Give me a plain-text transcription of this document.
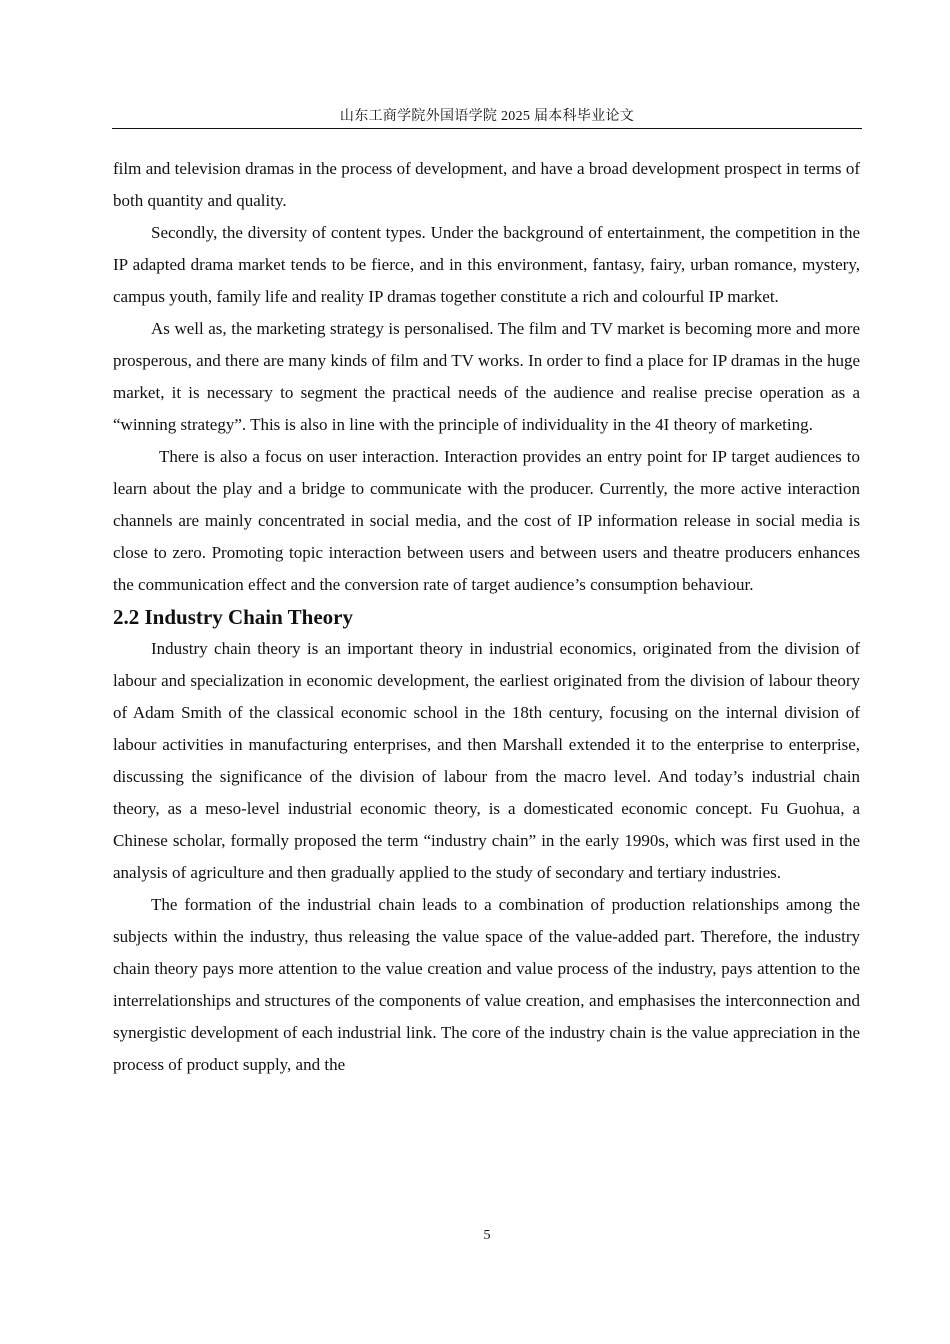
山东工商学院外国语学院 2025 届本科毕业论文

film and television dramas in the process of development, and have a broad development prospect in terms of both quantity and quality.

Secondly, the diversity of content types. Under the background of entertainment, the competition in the IP adapted drama market tends to be fierce, and in this environment, fantasy, fairy, urban romance, mystery, campus youth, family life and reality IP dramas together constitute a rich and colourful IP market.

As well as, the marketing strategy is personalised. The film and TV market is becoming more and more prosperous, and there are many kinds of film and TV works. In order to find a place for IP dramas in the huge market, it is necessary to segment the practical needs of the audience and realise precise operation as a “winning strategy”. This is also in line with the principle of individuality in the 4I theory of marketing.

There is also a focus on user interaction. Interaction provides an entry point for IP target audiences to learn about the play and a bridge to communicate with the producer. Currently, the more active interaction channels are mainly concentrated in social media, and the cost of IP information release in social media is close to zero. Promoting topic interaction between users and between users and theatre producers enhances the communication effect and the conversion rate of target audience’s consumption behaviour.

2.2 Industry Chain Theory

Industry chain theory is an important theory in industrial economics, originated from the division of labour and specialization in economic development, the earliest originated from the division of labour theory of Adam Smith of the classical economic school in the 18th century, focusing on the internal division of labour activities in manufacturing enterprises, and then Marshall extended it to the enterprise to enterprise, discussing the significance of the division of labour from the macro level. And today’s industrial chain theory, as a meso-level industrial economic theory, is a domesticated economic concept. Fu Guohua, a Chinese scholar, formally proposed the term “industry chain” in the early 1990s, which was first used in the analysis of agriculture and then gradually applied to the study of secondary and tertiary industries.

The formation of the industrial chain leads to a combination of production relationships among the subjects within the industry, thus releasing the value space of the value-added part. Therefore, the industry chain theory pays more attention to the value creation and value process of the industry, pays attention to the interrelationships and structures of the components of value creation, and emphasises the interconnection and synergistic development of each industrial link. The core of the industry chain is the value appreciation in the process of product supply, and the

5
